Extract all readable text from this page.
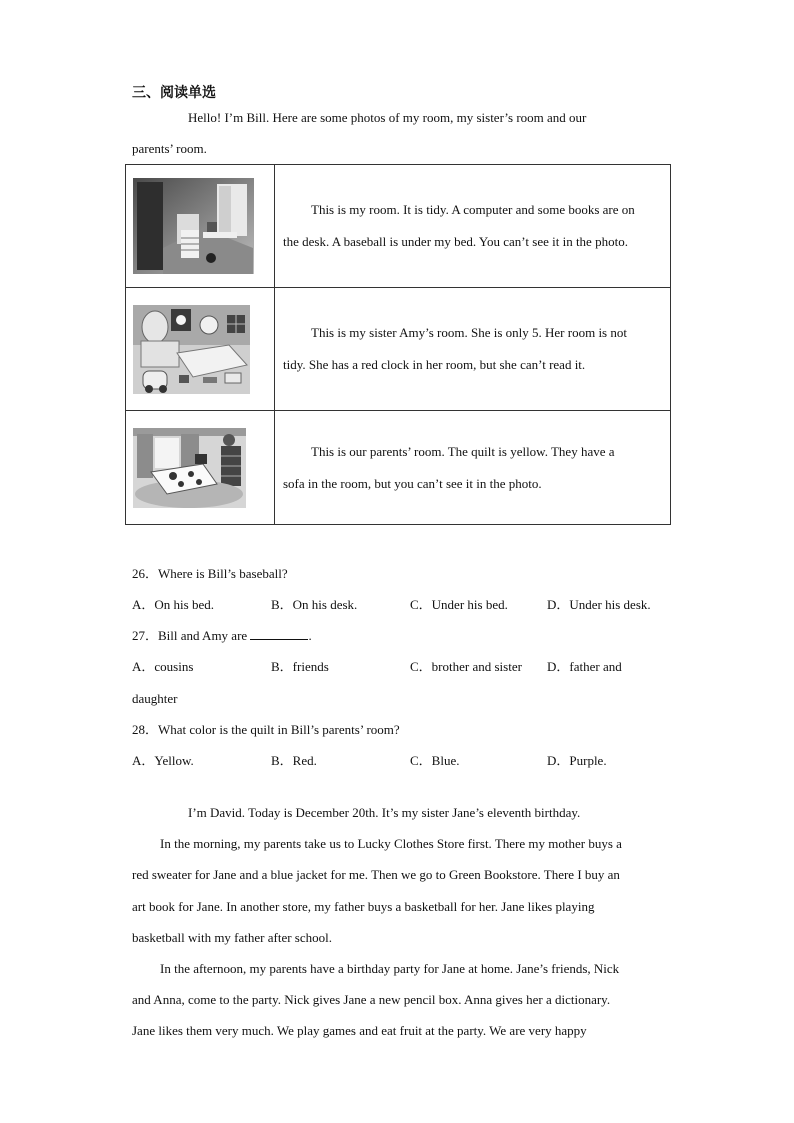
三、阅读单选
Hello! I’m Bill. Here are some photos of my room, my sister’s room and our
parents’ room.

This is my room. It is tidy. A computer and some books are on
the desk. A baseball is under my bed. You can’t see it in the photo.

This is my sister Amy’s room. She is only 5. Her room is not
tidy. She has a red clock in her room, but she can’t read it.

This is our parents’ room. The quilt is yellow. They have a
sofa in the room, but you can’t see it in the photo.
26．Where is Bill’s baseball?
A．On his bed.	B．On his desk.	C．Under his bed.	D．Under his desk.
27．Bill and Amy are	.
A．cousins	B．friends	C．brother and sister D．father and
daughter
28．What color is the quilt in Bill’s parents’ room?
A．Yellow.	B．Red.	C．Blue.	D．Purple.
I’m David. Today is December 20th. It’s my sister Jane’s eleventh birthday.
In the morning, my parents take us to Lucky Clothes Store first. There my mother buys a
red sweater for Jane and a blue jacket for me. Then we go to Green Bookstore. There I buy an
art book for Jane. In another store, my father buys a basketball for her. Jane likes playing
basketball with my father after school.
In the afternoon, my parents have a birthday party for Jane at home. Jane’s friends, Nick
and Anna, come to the party. Nick gives Jane a new pencil box. Anna gives her a dictionary.
Jane likes them very much. We play games and eat fruit at the party. We are very happy
